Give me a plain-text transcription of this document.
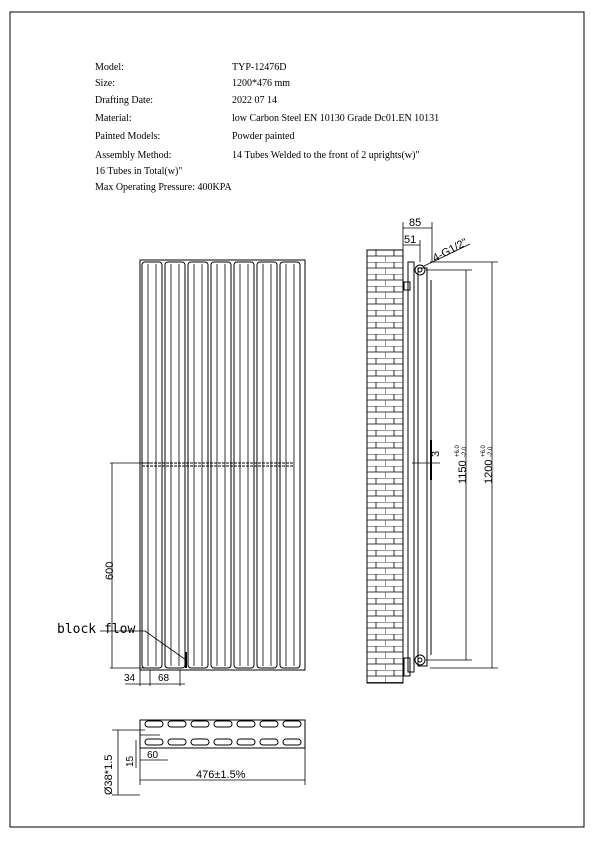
Model:	TYP-12476D
Size:	1200*476 mm
Drafting Date:	2022 07 14
Material:	low Carbon Steel EN 10130 Grade Dc01.EN 10131
Painted Models:	Powder painted
Assembly Method:	14 Tubes Welded to the front of 2 uprights(w)"
16 Tubes in Total(w)"
Max Operating Pressure: 400KPA
600
block flow
34 68
85
51 4-G1/2"
3
1150
+6.0 -2.0
1200
+6.0 -2.0
Ø38*1.5 15
60
476±1.5%
